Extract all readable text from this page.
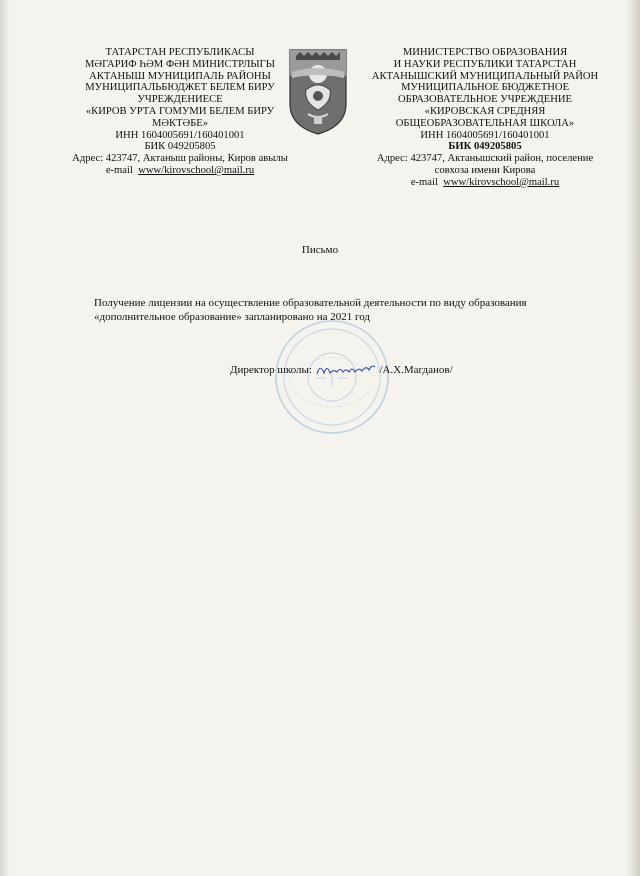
ТАТАРСТАН РЕСПУБЛИКАСЫ
МӘГАРИФ ҺӘМ ФӘН МИНИСТРЛЫГЫ
АКТАНЫШ МУНИЦИПАЛЬ РАЙОНЫ
МУНИЦИПАЛЬБЮДЖЕТ БЕЛЕМ БИРУ
УЧРЕЖДЕНИЕСЕ
«КИРОВ УРТА ГОМУМИ БЕЛЕМ БИРУ
МӘКТӘБЕ»
ИНН 1604005691/160401001
БИК 049205805
Адрес: 423747, Актаныш районы, Киров авылы
e-mail www/kirovschool@mail.ru
МИНИСТЕРСТВО ОБРАЗОВАНИЯ
И НАУКИ РЕСПУБЛИКИ ТАТАРСТАН
АКТАНЫШСКИЙ МУНИЦИПАЛЬНЫЙ РАЙОН
МУНИЦИПАЛЬНОЕ БЮДЖЕТНОЕ
ОБРАЗОВАТЕЛЬНОЕ УЧРЕЖДЕНИЕ
«КИРОВСКАЯ СРЕДНЯЯ
ОБЩЕОБРАЗОВАТЕЛЬНАЯ ШКОЛА»
ИНН 1604005691/160401001
БИК 049205805
Адрес: 423747, Актанышский район, поселение
совхоза имени Кирова
e-mail www/kirovschool@mail.ru
Письмо
Получение лицензии на осуществление образовательной деятельности по виду образования
«дополнительное образование» запланировано на 2021 год
Директор школы:	/А.Х.Магданов/
